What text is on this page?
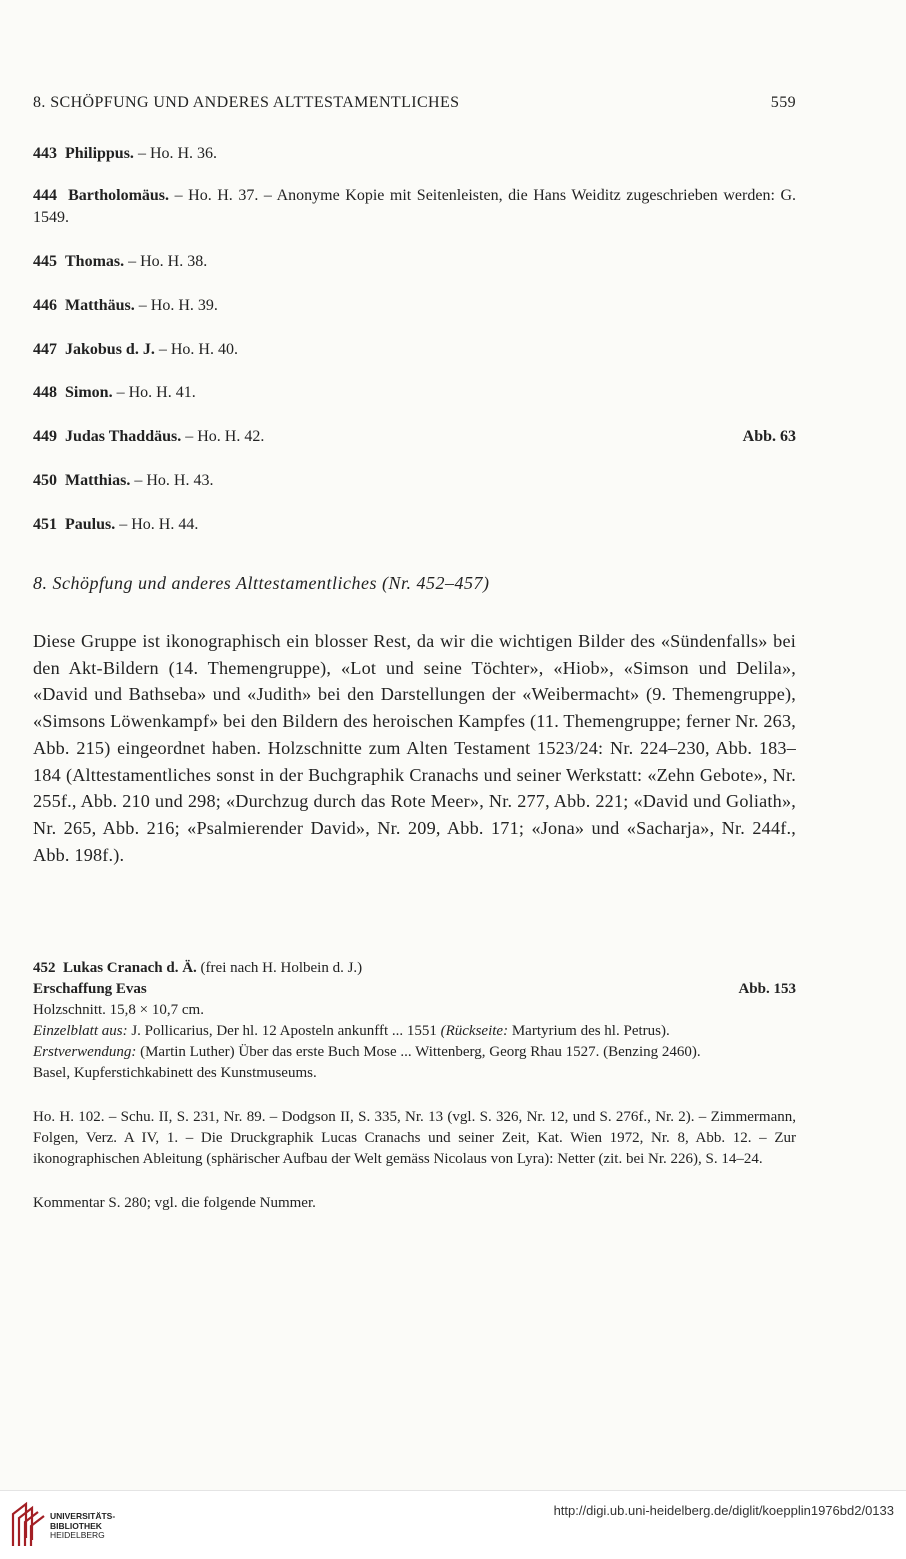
8. SCHÖPFUNG UND ANDERES ALTTESTAMENTLICHES	559
443 Philippus. – Ho. H. 36.
444 Bartholomäus. – Ho. H. 37. – Anonyme Kopie mit Seitenleisten, die Hans Weiditz zugeschrieben werden: G. 1549.
445 Thomas. – Ho. H. 38.
446 Matthäus. – Ho. H. 39.
447 Jakobus d. J. – Ho. H. 40.
448 Simon. – Ho. H. 41.
449 Judas Thaddäus. – Ho. H. 42.	Abb. 63
450 Matthias. – Ho. H. 43.
451 Paulus. – Ho. H. 44.
8. Schöpfung und anderes Alttestamentliches (Nr. 452–457)
Diese Gruppe ist ikonographisch ein blosser Rest, da wir die wichtigen Bilder des «Sündenfalls» bei den Akt-Bildern (14. Themengruppe), «Lot und seine Töchter», «Hiob», «Simson und Delila», «David und Bathseba» und «Judith» bei den Darstellungen der «Weibermacht» (9. Themengruppe), «Simsons Löwenkampf» bei den Bildern des heroischen Kampfes (11. Themengruppe; ferner Nr. 263, Abb. 215) eingeordnet haben. Holzschnitte zum Alten Testament 1523/24: Nr. 224–230, Abb. 183–184 (Alttestamentliches sonst in der Buchgraphik Cranachs und seiner Werkstatt: «Zehn Gebote», Nr. 255f., Abb. 210 und 298; «Durchzug durch das Rote Meer», Nr. 277, Abb. 221; «David und Goliath», Nr. 265, Abb. 216; «Psalmierender David», Nr. 209, Abb. 171; «Jona» und «Sacharja», Nr. 244f., Abb. 198f.).
452 Lukas Cranach d. Ä. (frei nach H. Holbein d. J.)
Erschaffung Evas	Abb. 153
Holzschnitt. 15,8 × 10,7 cm.
Einzelblatt aus: J. Pollicarius, Der hl. 12 Aposteln ankunfft ... 1551 (Rückseite: Martyrium des hl. Petrus).
Erstverwendung: (Martin Luther) Über das erste Buch Mose ... Wittenberg, Georg Rhau 1527. (Benzing 2460).
Basel, Kupferstichkabinett des Kunstmuseums.
Ho. H. 102. – Schu. II, S. 231, Nr. 89. – Dodgson II, S. 335, Nr. 13 (vgl. S. 326, Nr. 12, und S. 276f., Nr. 2). – Zimmermann, Folgen, Verz. A IV, 1. – Die Druckgraphik Lucas Cranachs und seiner Zeit, Kat. Wien 1972, Nr. 8, Abb. 12. – Zur ikonographischen Ableitung (sphärischer Aufbau der Welt gemäss Nicolaus von Lyra): Netter (zit. bei Nr. 226), S. 14–24.
Kommentar S. 280; vgl. die folgende Nummer.
UNIVERSITÄTS-
BIBLIOTHEK
HEIDELBERG
http://digi.ub.uni-heidelberg.de/diglit/koepplin1976bd2/0133
